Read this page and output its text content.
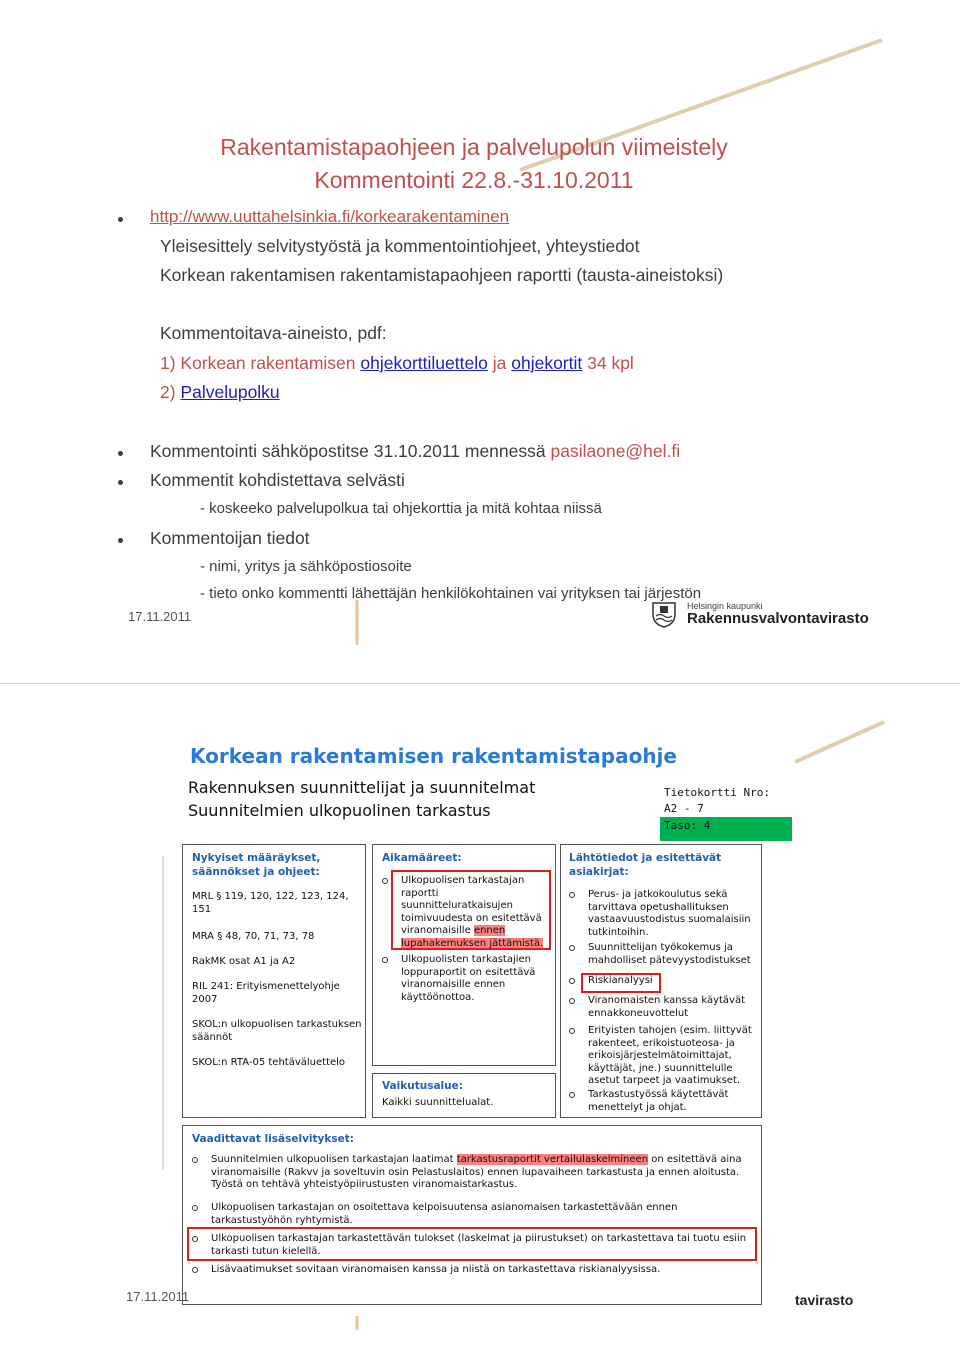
Rakentamistapaohjeen ja palvelupolun viimeistely
Kommentointi 22.8.-31.10.2011
http://www.uuttahelsinkia.fi/korkearakentaminen
Yleisesittely selvitystyöstä ja kommentointiohjeet, yhteystiedot
Korkean rakentamisen rakentamistapaohjeen raportti (tausta-aineistoksi)
Kommentoitava-aineisto, pdf:
1) Korkean rakentamisen ohjekorttiluettelo ja ohjekortit 34 kpl
2) Palvelupolku
Kommentointi sähköpostitse 31.10.2011 mennessä pasilaone@hel.fi
Kommentit kohdistettava selvästi
- koskeeko palvelupolkua tai ohjekorttia ja mitä kohtaa niissä
Kommentoijan tiedot
- nimi, yritys ja sähköpostiosoite
- tieto onko kommentti lähettäjän henkilökohtainen vai yrityksen tai järjestön
17.11.2011
Helsingin kaupunki
Rakennusvalvontavirasto
Korkean rakentamisen rakentamistapaohje
Rakennuksen suunnittelijat ja suunnitelmat
Suunnitelmien ulkopuolinen tarkastus
Tietokortti Nro:
A2 - 7
Taso: 4
Nykyiset määräykset, säännökset ja ohjeet:
MRL § 119, 120, 122, 123, 124, 151
MRA § 48, 70, 71, 73, 78
RakMK osat A1 ja A2
RIL 241: Erityismenettelyohje 2007
SKOL:n ulkopuolisen tarkastuksen säännöt
SKOL:n RTA-05 tehtäväluettelo
Aikamääreet:
Ulkopuolisen tarkastajan raportti suunnitteluratkaisujen toimivuudesta on esitettävä viranomaisille ennen lupahakemuksen jättämistä.
Ulkopuolisten tarkastajien loppuraportit on esitettävä viranomaisille ennen käyttöönottoa.
Lähtötiedot ja esitettävät asiakirjat:
Perus- ja jatkokoulutus sekä tarvittava opetushallituksen vastaavuustodistus suomalaisiin tutkintoihin.
Suunnittelijan työkokemus ja mahdolliset pätevyystodistukset
Riskianalyysi
Viranomaisten kanssa käytävät ennakkoneuvottelut
Erityisten tahojen (esim. liittyvät rakenteet, erikoistuoteosa- ja erikoisjärjestelmätoimittajat, käyttäjät, jne.) suunnittelulle asetut tarpeet ja vaatimukset.
Tarkastustyössä käytettävät menettelyt ja ohjat.
Vaikutusalue:
Kaikki suunnittelualat.
Vaadittavat lisäselvitykset:
Suunnitelmien ulkopuolisen tarkastajan laatimat tarkastusraportit vertailulaskelmineen on esitettävä aina viranomaisille (Rakvv ja soveltuvin osin Pelastuslaitos) ennen lupavaiheen tarkastusta ja ennen aloitusta. Työstä on tehtävä yhteistyöpiirustusten viranomaistarkastus.
Ulkopuolisen tarkastajan on osoitettava kelpoisuutensa asianomaisen tarkastettävään ennen tarkastustyöhön ryhtymistä.
Ulkopuolisen tarkastajan tarkastettävän tulokset (laskelmat ja piirustukset) on tarkastettava tai tuotu esiin tarkasti tutun kielellä.
Lisävaatimukset sovitaan viranomaisen kanssa ja niistä on tarkastettava riskianalyysissa.
17.11.2011	tavirasto
